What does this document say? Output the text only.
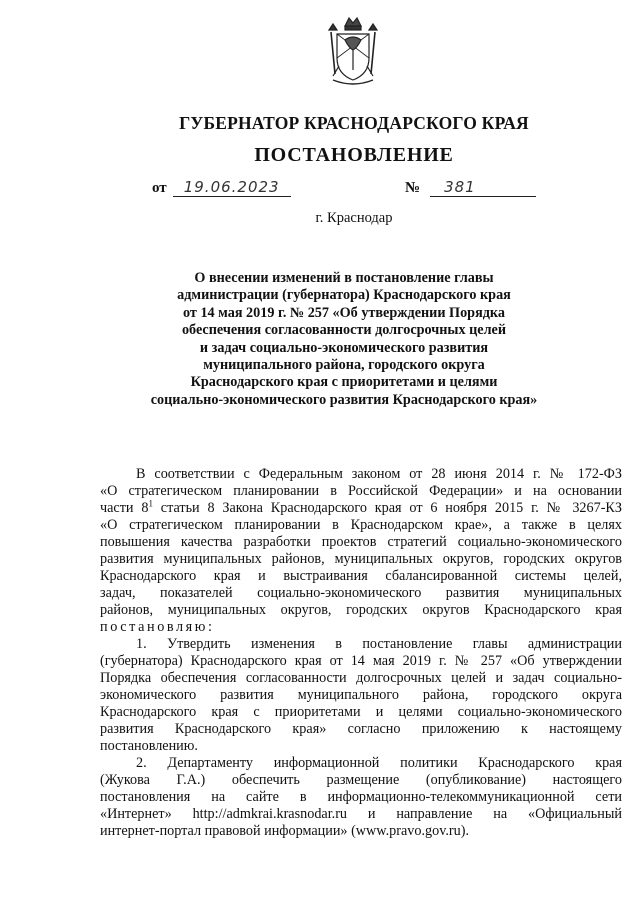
ГУБЕРНАТОР КРАСНОДАРСКОГО КРАЯ
ПОСТАНОВЛЕНИЕ
от 19.06.2023	№ 381
г. Краснодар
О внесении изменений в постановление главы
администрации (губернатора) Краснодарского края
от 14 мая 2019 г. № 257 «Об утверждении Порядка
обеспечения согласованности долгосрочных целей
и задач социально-экономического развития
муниципального района, городского округа
Краснодарского края с приоритетами и целями
социально-экономического развития Краснодарского края»
В соответствии с Федеральным законом от 28 июня 2014 г. № 172-ФЗ
«О стратегическом планировании в Российской Федерации» и на основании
части $8^1$ статьи 8 Закона Краснодарского края от 6 ноября 2015 г. № 3267-КЗ
«О стратегическом планировании в Краснодарском крае», а также в целях
повышения качества разработки проектов стратегий социально-экономического
развития муниципальных районов, муниципальных округов, городских округов
Краснодарского края и выстраивания сбалансированной системы целей,
задач, показателей социально-экономического развития муниципальных
районов, муниципальных округов, городских округов Краснодарского края
постановляю:
1. Утвердить изменения в постановление главы администрации
(губернатора) Краснодарского края от 14 мая 2019 г. № 257 «Об утверждении
Порядка обеспечения согласованности долгосрочных целей и задач социально-
экономического развития муниципального района, городского округа
Краснодарского края с приоритетами и целями социально-экономического
развития Краснодарского края» согласно приложению к настоящему
постановлению.
2. Департаменту информационной политики Краснодарского края
(Жукова Г.А.) обеспечить размещение (опубликование) настоящего
постановления на сайте в информационно-телекоммуникационной сети
«Интернет» http://admkrai.krasnodar.ru и направление на «Официальный
интернет-портал правовой информации» (www.pravo.gov.ru).
